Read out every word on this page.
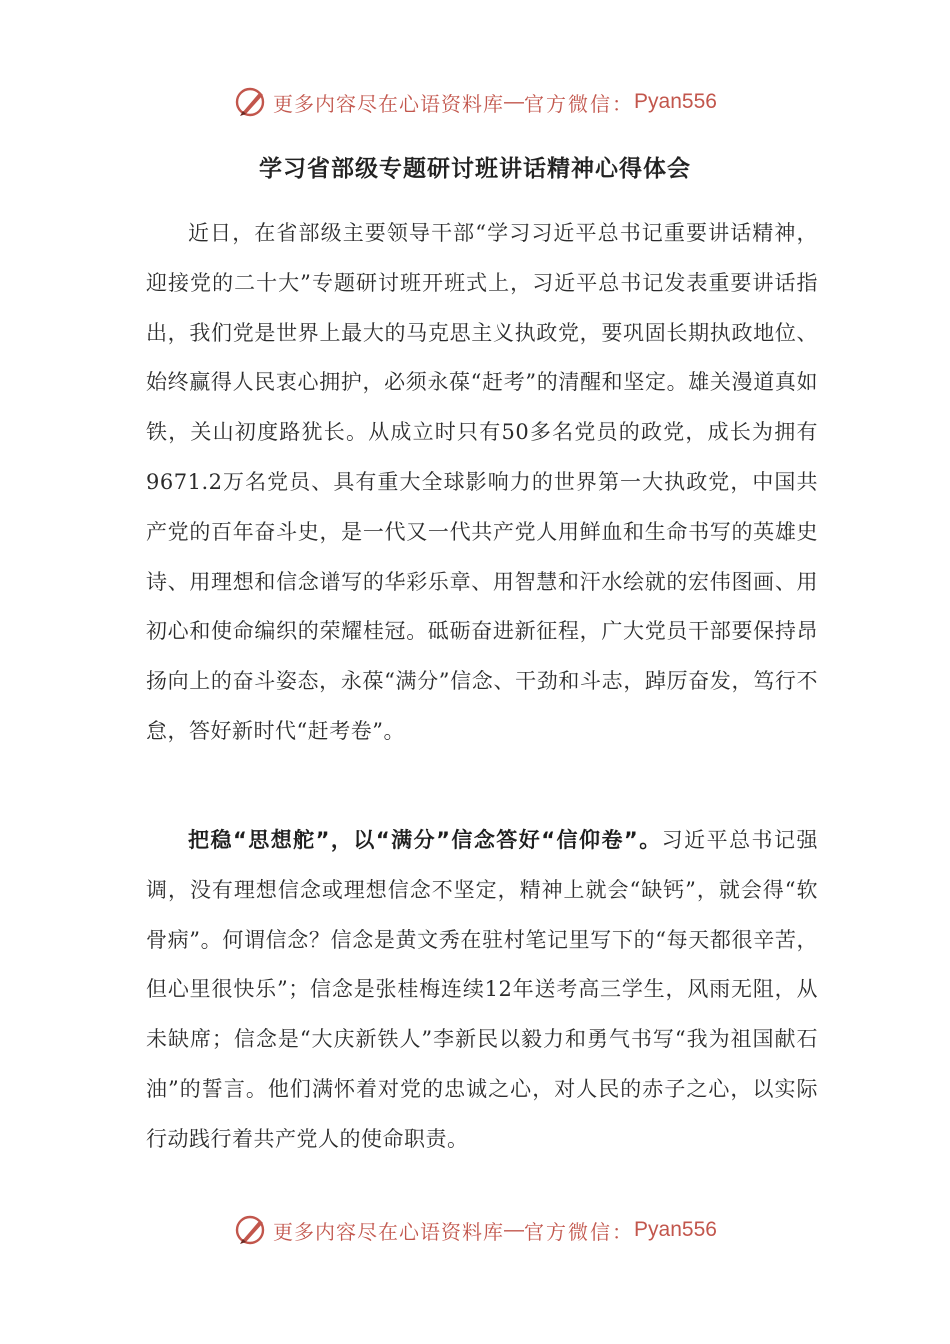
更多内容尽在心语资料库 — 官方微信： Pyan556
学习省部级专题研讨班讲话精神心得体会

近日，在省部级主要领导干部“学习习近平总书记重要讲话精神，迎接党的二十大”专题研讨班开班式上，习近平总书记发表重要讲话指出，我们党是世界上最大的马克思主义执政党，要巩固长期执政地位、始终赢得人民衷心拥护，必须永葆“赶考”的清醒和坚定。雄关漫道真如铁，关山初度路犹长。从成立时只有50多名党员的政党，成长为拥有9671.2万名党员、具有重大全球影响力的世界第一大执政党，中国共产党的百年奋斗史，是一代又一代共产党人用鲜血和生命书写的英雄史诗、用理想和信念谱写的华彩乐章、用智慧和汗水绘就的宏伟图画、用初心和使命编织的荣耀桂冠。砥砺奋进新征程，广大党员干部要保持昂扬向上的奋斗姿态，永葆“满分”信念、干劲和斗志，踔厉奋发，笃行不怠，答好新时代“赶考卷”。

把稳“思想舵”，以“满分”信念答好“信仰卷”。习近平总书记强调，没有理想信念或理想信念不坚定，精神上就会“缺钙”，就会得“软骨病”。何谓信念？信念是黄文秀在驻村笔记里写下的“每天都很辛苦，但心里很快乐”；信念是张桂梅连续12年送考高三学生，风雨无阻，从未缺席；信念是“大庆新铁人”李新民以毅力和勇气书写“我为祖国献石油”的誓言。他们满怀着对党的忠诚之心，对人民的赤子之心，以实际行动践行着共产党人的使命职责。

更多内容尽在心语资料库 — 官方微信： Pyan556
